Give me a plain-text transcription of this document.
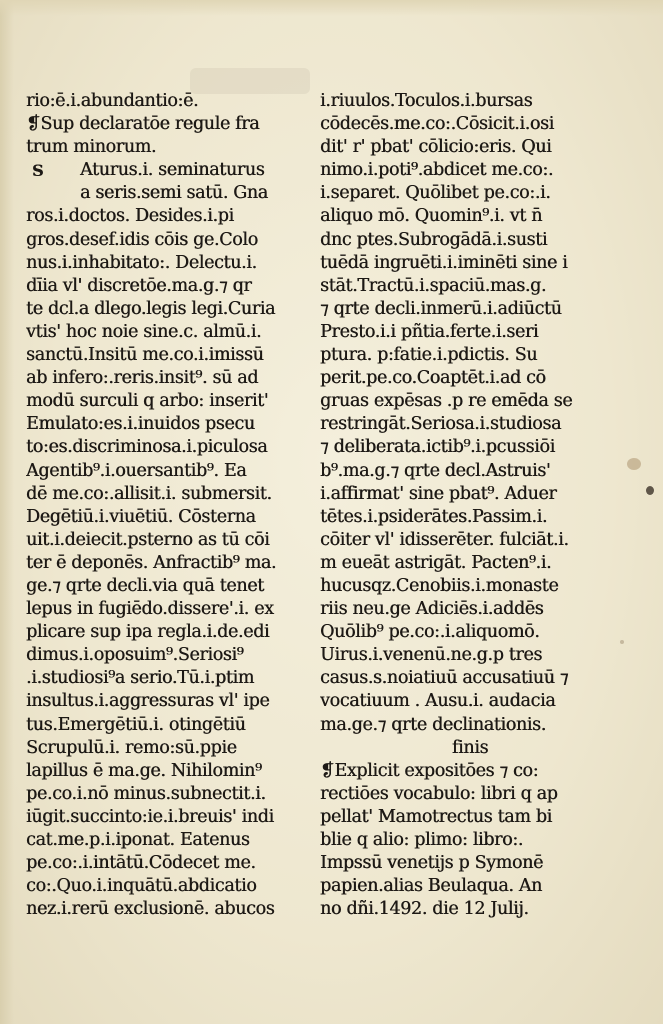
rio:ē.i.abundantio:ē.
❡Sup declaratōe regule fra
trum minorum.
S Aturus.i. seminaturus
a seris.semi satū. Gna
ros.i.doctos. Desides.i.pi
gros.desef.idis cōis ge.Colo
nus.i.inhabitato:. Delectu.i.
dīia vl' discretōe.ma.g.⁊ qr
te dcl.a dlego.legis legi.Curia
vtis' hoc noie sine.c. almū.i.
sanctū.Insitū me.co.i.imissū
ab infero:.reris.insit⁹. sū ad
modū surculi q arbo: inserit'
Emulato:es.i.inuidos psecu
to:es.discriminosa.i.piculosa
Agentib⁹.i.ouersantib⁹. Ea
dē me.co:.allisit.i. submersit.
Degētiū.i.viuētiū. Cōsterna
uit.i.deiecit.psterno as tū cōi
ter ē deponēs. Anfractib⁹ ma.
ge.⁊ qrte decli.via quā tenet
lepus in fugiēdo.dissere'.i. ex
plicare sup ipa regla.i.de.edi
dimus.i.oposuim⁹.Seriosi⁹
.i.studiosi⁹a serio.Tū.i.ptim
insultus.i.aggressuras vl' ipe
tus.Emergētiū.i. otingētiū
Scrupulū.i. remo:sū.ppie
lapillus ē ma.ge. Nihilomin⁹
pe.co.i.nō minus.subnectit.i.
iūgit.succinto:ie.i.breuis' indi
cat.me.p.i.iponat. Eatenus
pe.co:.i.intātū.Cōdecet me.
co:.Quo.i.inquātū.abdicatio
nez.i.rerū exclusionē. abucos
i.riuulos.Toculos.i.bursas
cōdecēs.me.co:.Cōsicit.i.osi
dit' r' pbat' cōlicio:eris. Qui
nimo.i.poti⁹.abdicet me.co:.
i.separet. Quōlibet pe.co:.i.
aliquo mō. Quomin⁹.i. vt n̄
dnc ptes.Subrogādā.i.susti
tuēdā ingruēti.i.iminēti sine i
stāt.Tractū.i.spaciū.mas.g.
⁊ qrte decli.inmerū.i.adiūctū
Presto.i.i pñtia.ferte.i.seri
ptura. p:fatie.i.pdictis. Su
perit.pe.co.Coaptēt.i.ad cō
gruas expēsas .p re emēda se
restringāt.Seriosa.i.studiosa
⁊ deliberata.ictib⁹.i.pcussiōi
b⁹.ma.g.⁊ qrte decl.Astruis'
i.affirmat' sine pbat⁹. Aduer
tētes.i.psiderātes.Passim.i.
cōiter vl' idisserēter. fulciāt.i.
m eueāt astrigāt. Pacten⁹.i.
hucusqz.Cenobiis.i.monaste
riis neu.ge Adiciēs.i.addēs
Quōlib⁹ pe.co:.i.aliquomō.
Uirus.i.venenū.ne.g.p tres
casus.s.noiatiuū accusatiuū ⁊
vocatiuum . Ausu.i. audacia
ma.ge.⁊ qrte declinationis.
finis
❡Explicit expositōes ⁊ co:
rectiōes vocabulo: libri q ap
pellat' Mamotrectus tam bi
blie q alio: plimo: libro:.
Impssū venetijs p Symonē
papien.alias Beulaqua. An
no dñi.1492. die 12 Julij.
